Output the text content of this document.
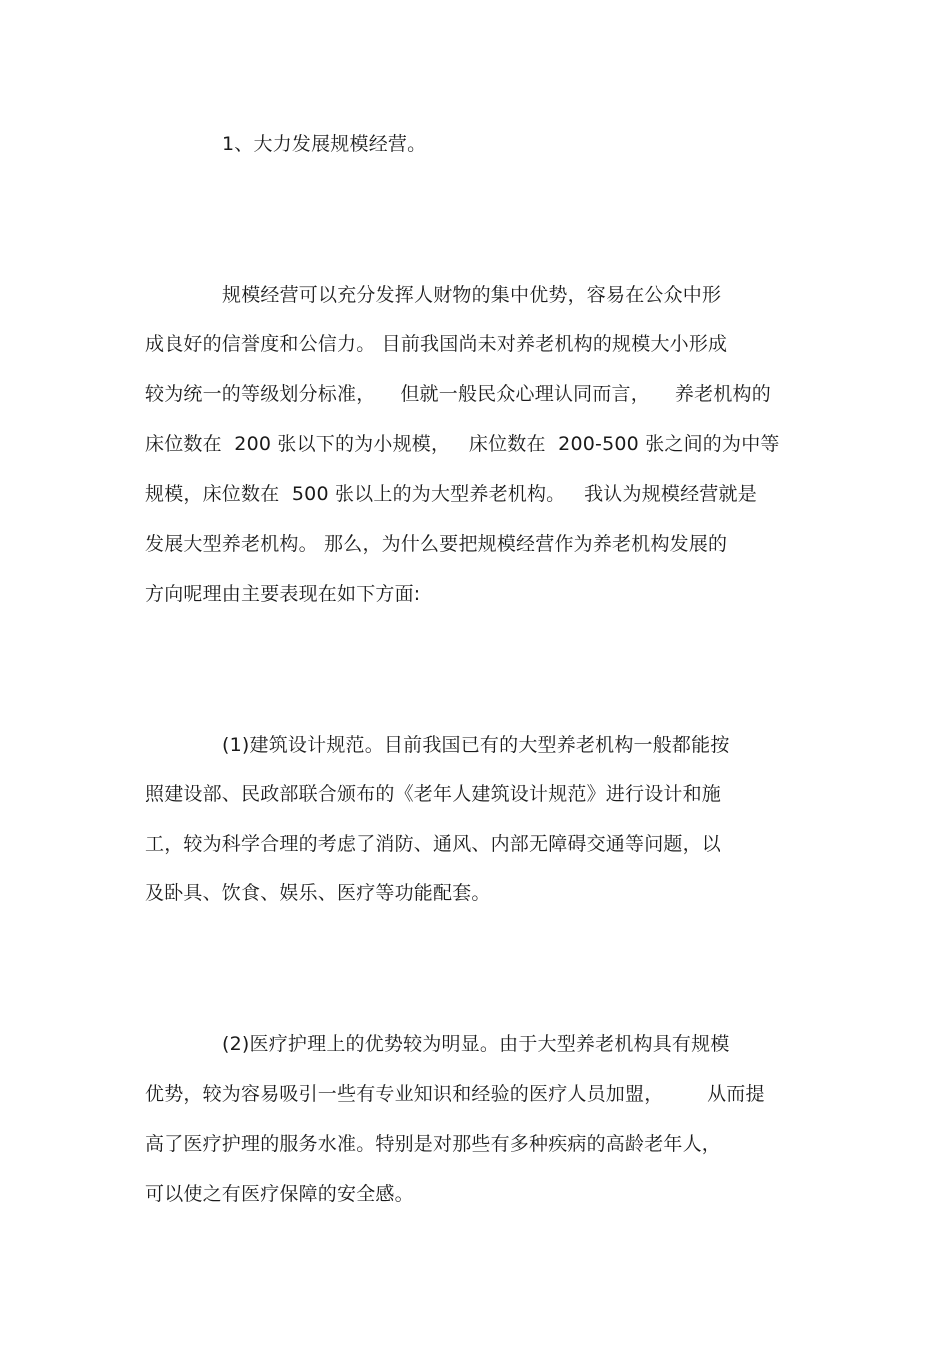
1、大力发展规模经营。
规模经营可以充分发挥人财物的集中优势，容易在公众中形
成良好的信誉度和公信力。 目前我国尚未对养老机构的规模大小形成
较为统一的等级划分标准，    但就一般民众心理认同而言，    养老机构的
床位数在  200 张以下的为小规模，   床位数在  200-500 张之间的为中等
规模，床位数在  500 张以上的为大型养老机构。   我认为规模经营就是
发展大型养老机构。 那么，为什么要把规模经营作为养老机构发展的
方向呢理由主要表现在如下方面:
(1)建筑设计规范。目前我国已有的大型养老机构一般都能按
照建设部、民政部联合颁布的《老年人建筑设计规范》进行设计和施
工，较为科学合理的考虑了消防、通风、内部无障碍交通等问题，以
及卧具、饮食、娱乐、医疗等功能配套。
(2)医疗护理上的优势较为明显。由于大型养老机构具有规模
优势，较为容易吸引一些有专业知识和经验的医疗人员加盟，       从而提
高了医疗护理的服务水准。特别是对那些有多种疾病的高龄老年人，
可以使之有医疗保障的安全感。
